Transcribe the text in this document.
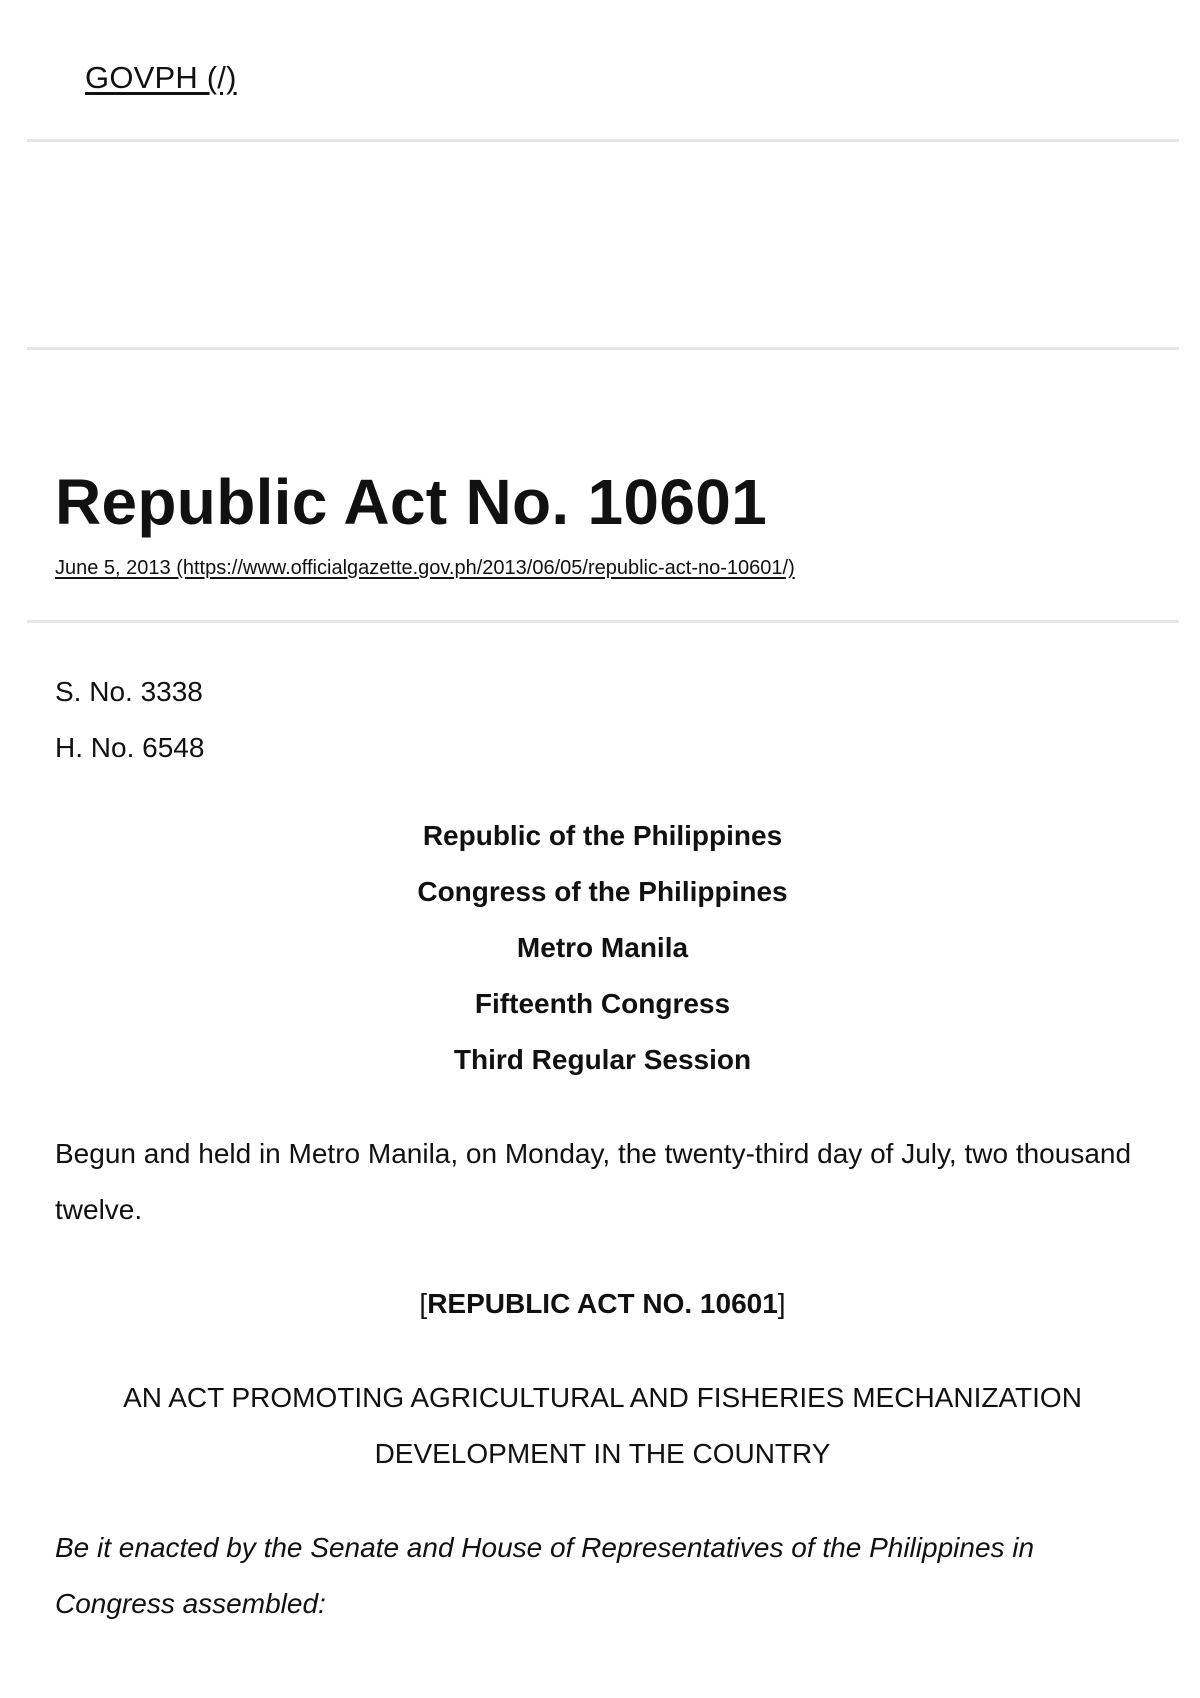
GOVPH (/)
Republic Act No. 10601
June 5, 2013 (https://www.officialgazette.gov.ph/2013/06/05/republic-act-no-10601/)

S. No. 3338

H. No. 6548

Republic of the Philippines

Congress of the Philippines

Metro Manila

Fifteenth Congress

Third Regular Session

Begun and held in Metro Manila, on Monday, the twenty-third day of July, two thousand twelve.

[REPUBLIC ACT NO. 10601]

AN ACT PROMOTING AGRICULTURAL AND FISHERIES MECHANIZATION DEVELOPMENT IN THE COUNTRY

Be it enacted by the Senate and House of Representatives of the Philippines in Congress assembled:
